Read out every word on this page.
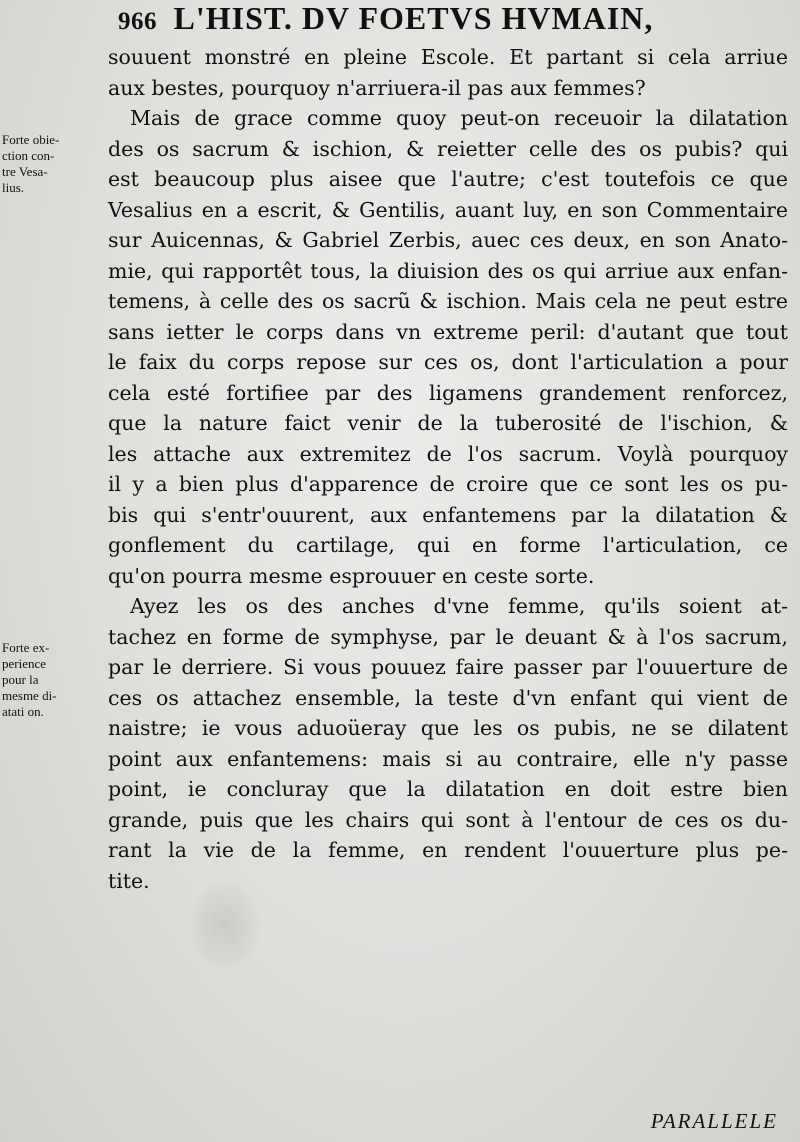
966 L'HIST. DV FOETVS HVMAIN,
Forte obie-
ction con-
tre Vesa-
lius.
Forte ex-
perience
pour la
mesme di-
atati on.
souuent monstré en pleine Escole. Et partant si cela arriue
aux bestes, pourquoy n'arriuera-il pas aux femmes?
Mais de grace comme quoy peut-on receuoir la dilatation
des os sacrum & ischion, & reietter celle des os pubis? qui
est beaucoup plus aisee que l'autre; c'est toutefois ce que
Vesalius en a escrit, & Gentilis, auant luy, en son Commentaire
sur Auicennas, & Gabriel Zerbis, auec ces deux, en son Anato-
mie, qui rapportêt tous, la diuision des os qui arriue aux enfan-
temens, à celle des os sacrũ & ischion. Mais cela ne peut estre
sans ietter le corps dans vn extreme peril: d'autant que tout
le faix du corps repose sur ces os, dont l'articulation a pour
cela esté fortifiee par des ligamens grandement renforcez,
que la nature faict venir de la tuberosité de l'ischion, &
les attache aux extremitez de l'os sacrum. Voylà pourquoy
il y a bien plus d'apparence de croire que ce sont les os pu-
bis qui s'entr'ouurent, aux enfantemens par la dilatation &
gonflement du cartilage, qui en forme l'articulation, ce
qu'on pourra mesme esprouuer en ceste sorte.
Ayez les os des anches d'vne femme, qu'ils soient at-
tachez en forme de symphyse, par le deuant & à l'os sacrum,
par le derriere. Si vous pouuez faire passer par l'ouuerture de
ces os attachez ensemble, la teste d'vn enfant qui vient de
naistre; ie vous aduoüeray que les os pubis, ne se dilatent
point aux enfantemens: mais si au contraire, elle n'y passe
point, ie concluray que la dilatation en doit estre bien
grande, puis que les chairs qui sont à l'entour de ces os du-
rant la vie de la femme, en rendent l'ouuerture plus pe-
tite.
PARALLELE
